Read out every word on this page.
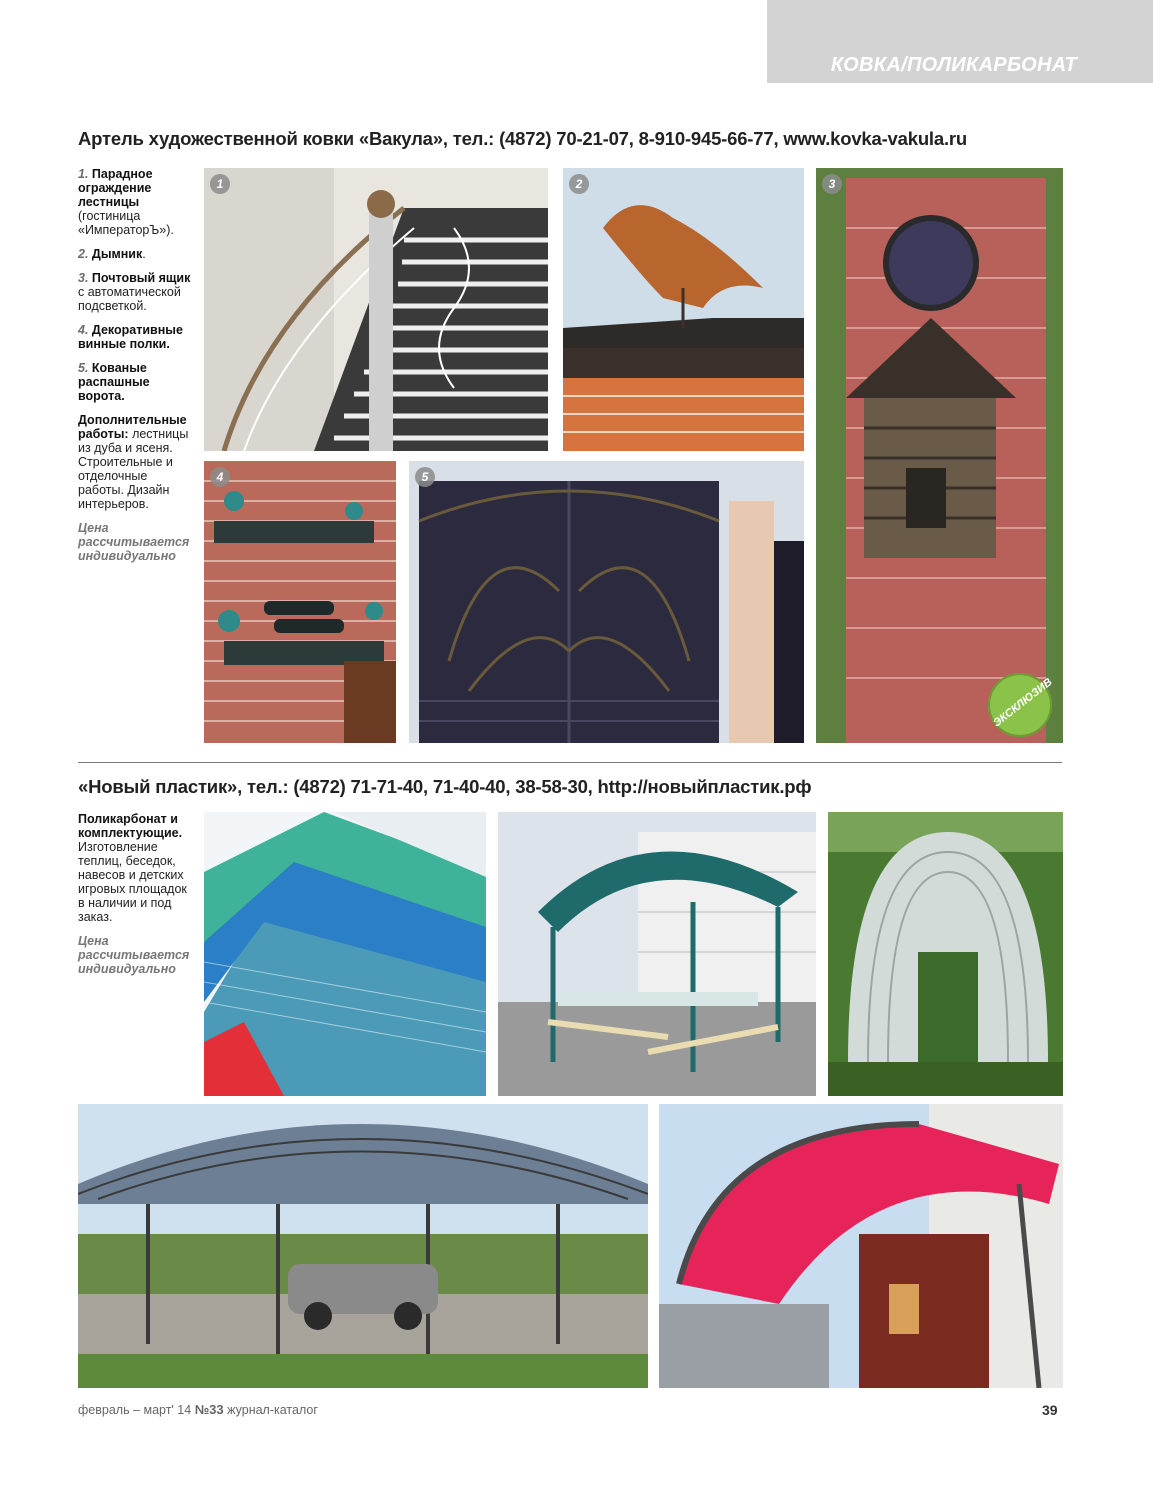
КОВКА/ПОЛИКАРБОНАТ
Артель художественной ковки «Вакула», тел.: (4872) 70-21-07, 8-910-945-66-77, www.kovka-vakula.ru

1. Парадное ограждение лестницы (гостиница «ИмператорЪ»).

2. Дымник.

3. Почтовый ящик с автоматической подсветкой.

4. Декоративные винные полки.

5. Кованые распашные ворота.

Дополнительные работы: лестницы из дуба и ясеня. Строительные и отделочные работы. Дизайн интерьеров.

Цена рассчитывается индивидуально

1	2	3
ЭКСКЛЮЗИВ
4	5
«Новый пластик», тел.: (4872) 71-71-40, 71-40-40, 38-58-30, http://новыйпластик.рф

Поликарбонат и комплектующие. Изготовление теплиц, беседок, навесов и детских игровых площадок в наличии и под заказ.

Цена рассчитывается индивидуально

февраль – март' 14 №33 журнал-каталог	39
